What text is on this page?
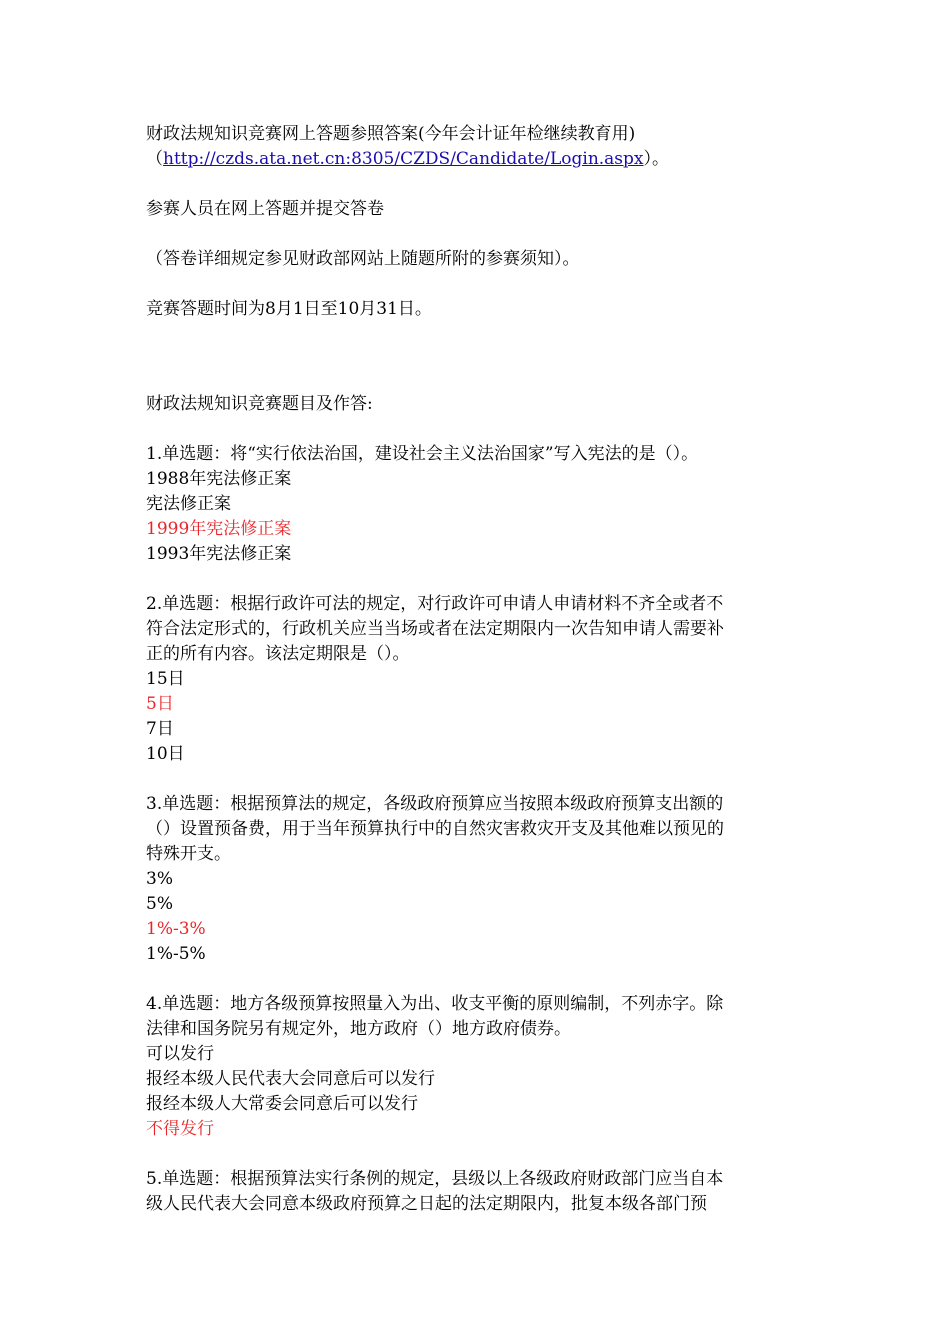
财政法规知识竞赛网上答题参照答案(今年会计证年检继续教育用)
（http://czds.ata.net.cn:8305/CZDS/Candidate/Login.aspx）。
参赛人员在网上答题并提交答卷
（答卷详细规定参见财政部网站上随题所附的参赛须知）。
竞赛答题时间为8月1日至10月31日。
财政法规知识竞赛题目及作答:
1.单选题：将“实行依法治国，建设社会主义法治国家”写入宪法的是（）。
1988年宪法修正案
宪法修正案
1999年宪法修正案
1993年宪法修正案
2.单选题：根据行政许可法的规定，对行政许可申请人申请材料不齐全或者不
符合法定形式的，行政机关应当当场或者在法定期限内一次告知申请人需要补
正的所有内容。该法定期限是（）。
15日
5日
7日
10日
3.单选题：根据预算法的规定，各级政府预算应当按照本级政府预算支出额的
（）设置预备费，用于当年预算执行中的自然灾害救灾开支及其他难以预见的
特殊开支。
3%
5%
1%-3%
1%-5%
4.单选题：地方各级预算按照量入为出、收支平衡的原则编制，不列赤字。除
法律和国务院另有规定外，地方政府（）地方政府债券。
可以发行
报经本级人民代表大会同意后可以发行
报经本级人大常委会同意后可以发行
不得发行
5.单选题：根据预算法实行条例的规定，县级以上各级政府财政部门应当自本
级人民代表大会同意本级政府预算之日起的法定期限内，批复本级各部门预
